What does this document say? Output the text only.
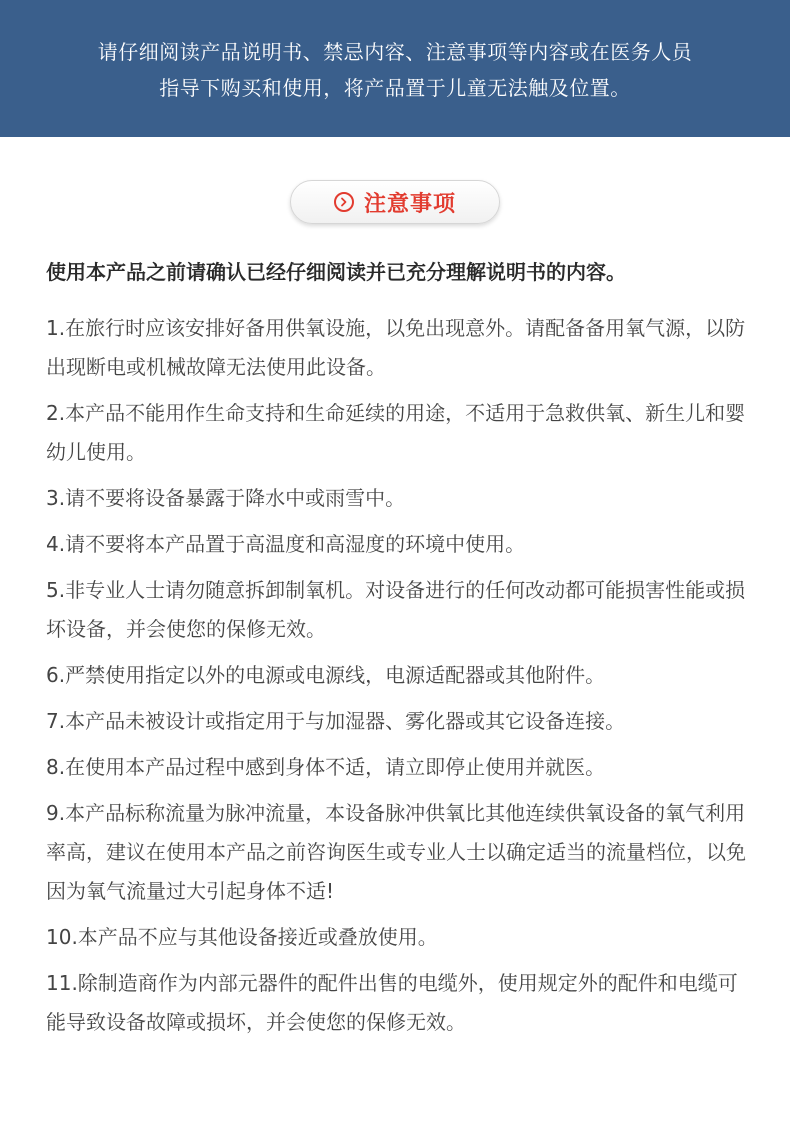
请仔细阅读产品说明书、禁忌内容、注意事项等内容或在医务人员
指导下购买和使用，将产品置于儿童无法触及位置。
注意事项
使用本产品之前请确认已经仔细阅读并已充分理解说明书的内容。
1.在旅行时应该安排好备用供氧设施，以免出现意外。请配备备用氧气源，以防出现断电或机械故障无法使用此设备。
2.本产品不能用作生命支持和生命延续的用途，不适用于急救供氧、新生儿和婴幼儿使用。
3.请不要将设备暴露于降水中或雨雪中。
4.请不要将本产品置于高温度和高湿度的环境中使用。
5.非专业人士请勿随意拆卸制氧机。对设备进行的任何改动都可能损害性能或损坏设备，并会使您的保修无效。
6.严禁使用指定以外的电源或电源线，电源适配器或其他附件。
7.本产品未被设计或指定用于与加湿器、雾化器或其它设备连接。
8.在使用本产品过程中感到身体不适，请立即停止使用并就医。
9.本产品标称流量为脉冲流量，本设备脉冲供氧比其他连续供氧设备的氧气利用率高，建议在使用本产品之前咨询医生或专业人士以确定适当的流量档位，以免因为氧气流量过大引起身体不适!
10.本产品不应与其他设备接近或叠放使用。
11.除制造商作为内部元器件的配件出售的电缆外，使用规定外的配件和电缆可能导致设备故障或损坏，并会使您的保修无效。
